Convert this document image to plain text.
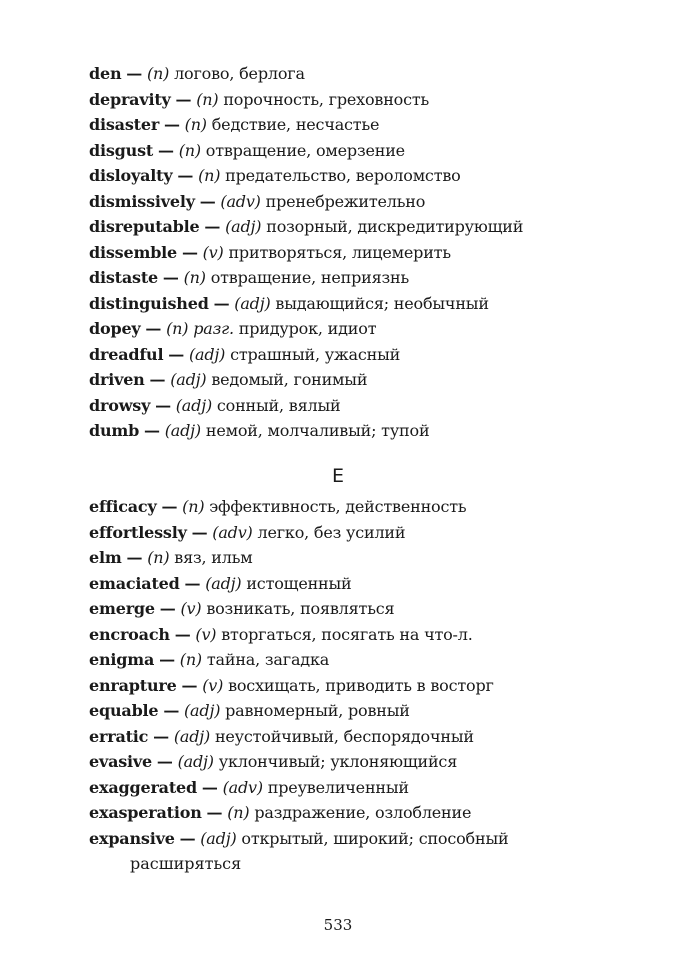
den — (n) логово, берлога
depravity — (n) порочность, греховность
disaster — (n) бедствие, несчастье
disgust — (n) отвращение, омерзение
disloyalty — (n) предательство, вероломство
dismissively — (adv) пренебрежительно
disreputable — (adj) позорный, дискредитирующий
dissemble — (v) притворяться, лицемерить
distaste — (n) отвращение, неприязнь
distinguished — (adj) выдающийся; необычный
dopey — (n) разг. придурок, идиот
dreadful — (adj) страшный, ужасный
driven — (adj) ведомый, гонимый
drowsy — (adj) сонный, вялый
dumb — (adj) немой, молчаливый; тупой
E
efficacy — (n) эффективность, действенность
effortlessly — (adv) легко, без усилий
elm — (n) вяз, ильм
emaciated — (adj) истощенный
emerge — (v) возникать, появляться
encroach — (v) вторгаться, посягать на что-л.
enigma — (n) тайна, загадка
enrapture — (v) восхищать, приводить в восторг
equable — (adj) равномерный, ровный
erratic — (adj) неустойчивый, беспорядочный
evasive — (adj) уклончивый; уклоняющийся
exaggerated — (adv) преувеличенный
exasperation — (n) раздражение, озлобление
expansive — (adj) открытый, широкий; способный
расширяться
533
